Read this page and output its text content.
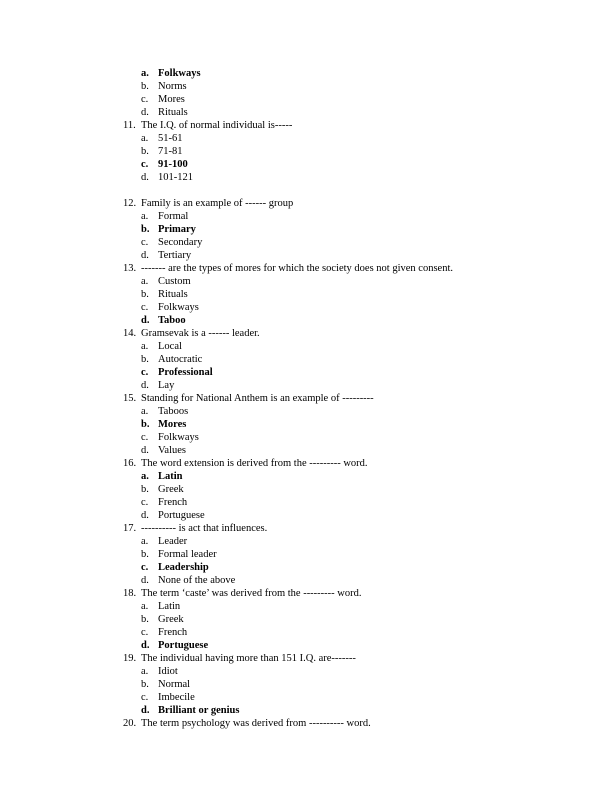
a. Folkways
b. Norms
c. Mores
d. Rituals
11. The I.Q. of normal individual is-----
a. 51-61
b. 71-81
c. 91-100
d. 101-121
12. Family is an example of ------ group
a. Formal
b. Primary
c. Secondary
d. Tertiary
13. ------- are the types of mores for which the society does not given consent.
a. Custom
b. Rituals
c. Folkways
d. Taboo
14. Gramsevak is a ------ leader.
a. Local
b. Autocratic
c. Professional
d. Lay
15. Standing for National Anthem is an example of ---------
a. Taboos
b. Mores
c. Folkways
d. Values
16. The word extension is derived from the --------- word.
a. Latin
b. Greek
c. French
d. Portuguese
17. ---------- is act that influences.
a. Leader
b. Formal leader
c. Leadership
d. None of the above
18. The term ‘caste’ was derived from the --------- word.
a. Latin
b. Greek
c. French
d. Portuguese
19. The individual having more than 151 I.Q. are-------
a. Idiot
b. Normal
c. Imbecile
d. Brilliant or genius
20. The term psychology was derived from ---------- word.
